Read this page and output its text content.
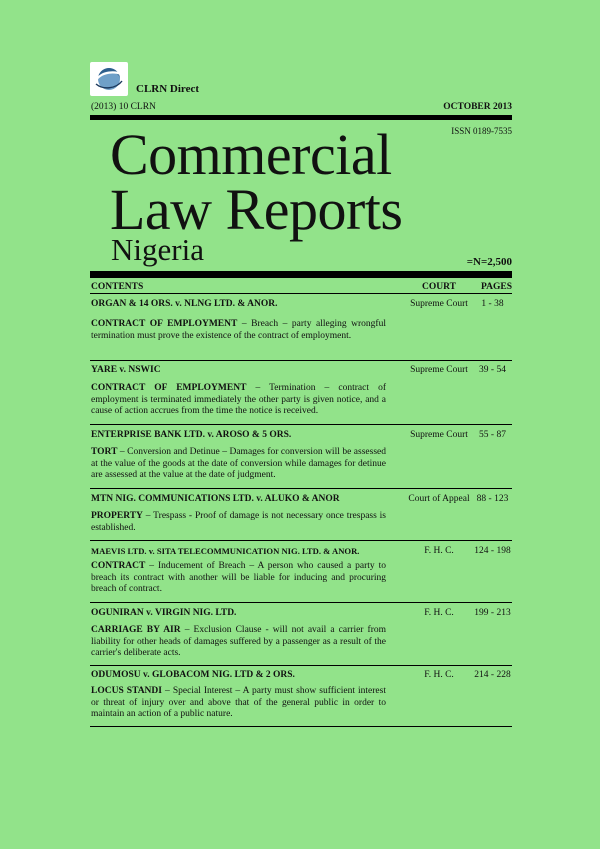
CLRN Direct
(2013) 10 CLRN	OCTOBER 2013
ISSN 0189-7535
Commercial
Law Reports
Nigeria	=N=2,500
CONTENTS	COURT	PAGES
ORGAN & 14 ORS. v. NLNG LTD. & ANOR.	Supreme Court	1 - 38
CONTRACT OF EMPLOYMENT – Breach – party alleging wrongful termination must prove the existence of the contract of employment.
YARE v. NSWIC	Supreme Court	39 - 54
CONTRACT OF EMPLOYMENT – Termination – contract of employment is terminated immediately the other party is given notice, and a cause of action accrues from the time the notice is received.
ENTERPRISE BANK LTD. v. AROSO & 5 ORS.	Supreme Court	55 - 87
TORT – Conversion and Detinue – Damages for conversion will be assessed at the value of the goods at the date of conversion while damages for detinue are assessed at the value at the date of judgment.
MTN NIG. COMMUNICATIONS LTD. v. ALUKO & ANOR	Court of Appeal 88 - 123
PROPERTY – Trespass - Proof of damage is not necessary once trespass is established.
MAEVIS LTD. v. SITA TELECOMMUNICATION NIG. LTD. & ANOR.	F. H. C.	124 - 198
CONTRACT – Inducement of Breach – A person who caused a party to breach its contract with another will be liable for inducing and procuring breach of contract.
OGUNIRAN v. VIRGIN NIG. LTD.	F. H. C.	199 - 213
CARRIAGE BY AIR – Exclusion Clause - will not avail a carrier from liability for other heads of damages suffered by a passenger as a result of the carrier's deliberate acts.
ODUMOSU v. GLOBACOM NIG. LTD & 2 ORS.	F. H. C.	214 - 228
LOCUS STANDI – Special Interest – A party must show sufficient interest or threat of injury over and above that of the general public in order to maintain an action of a public nature.
